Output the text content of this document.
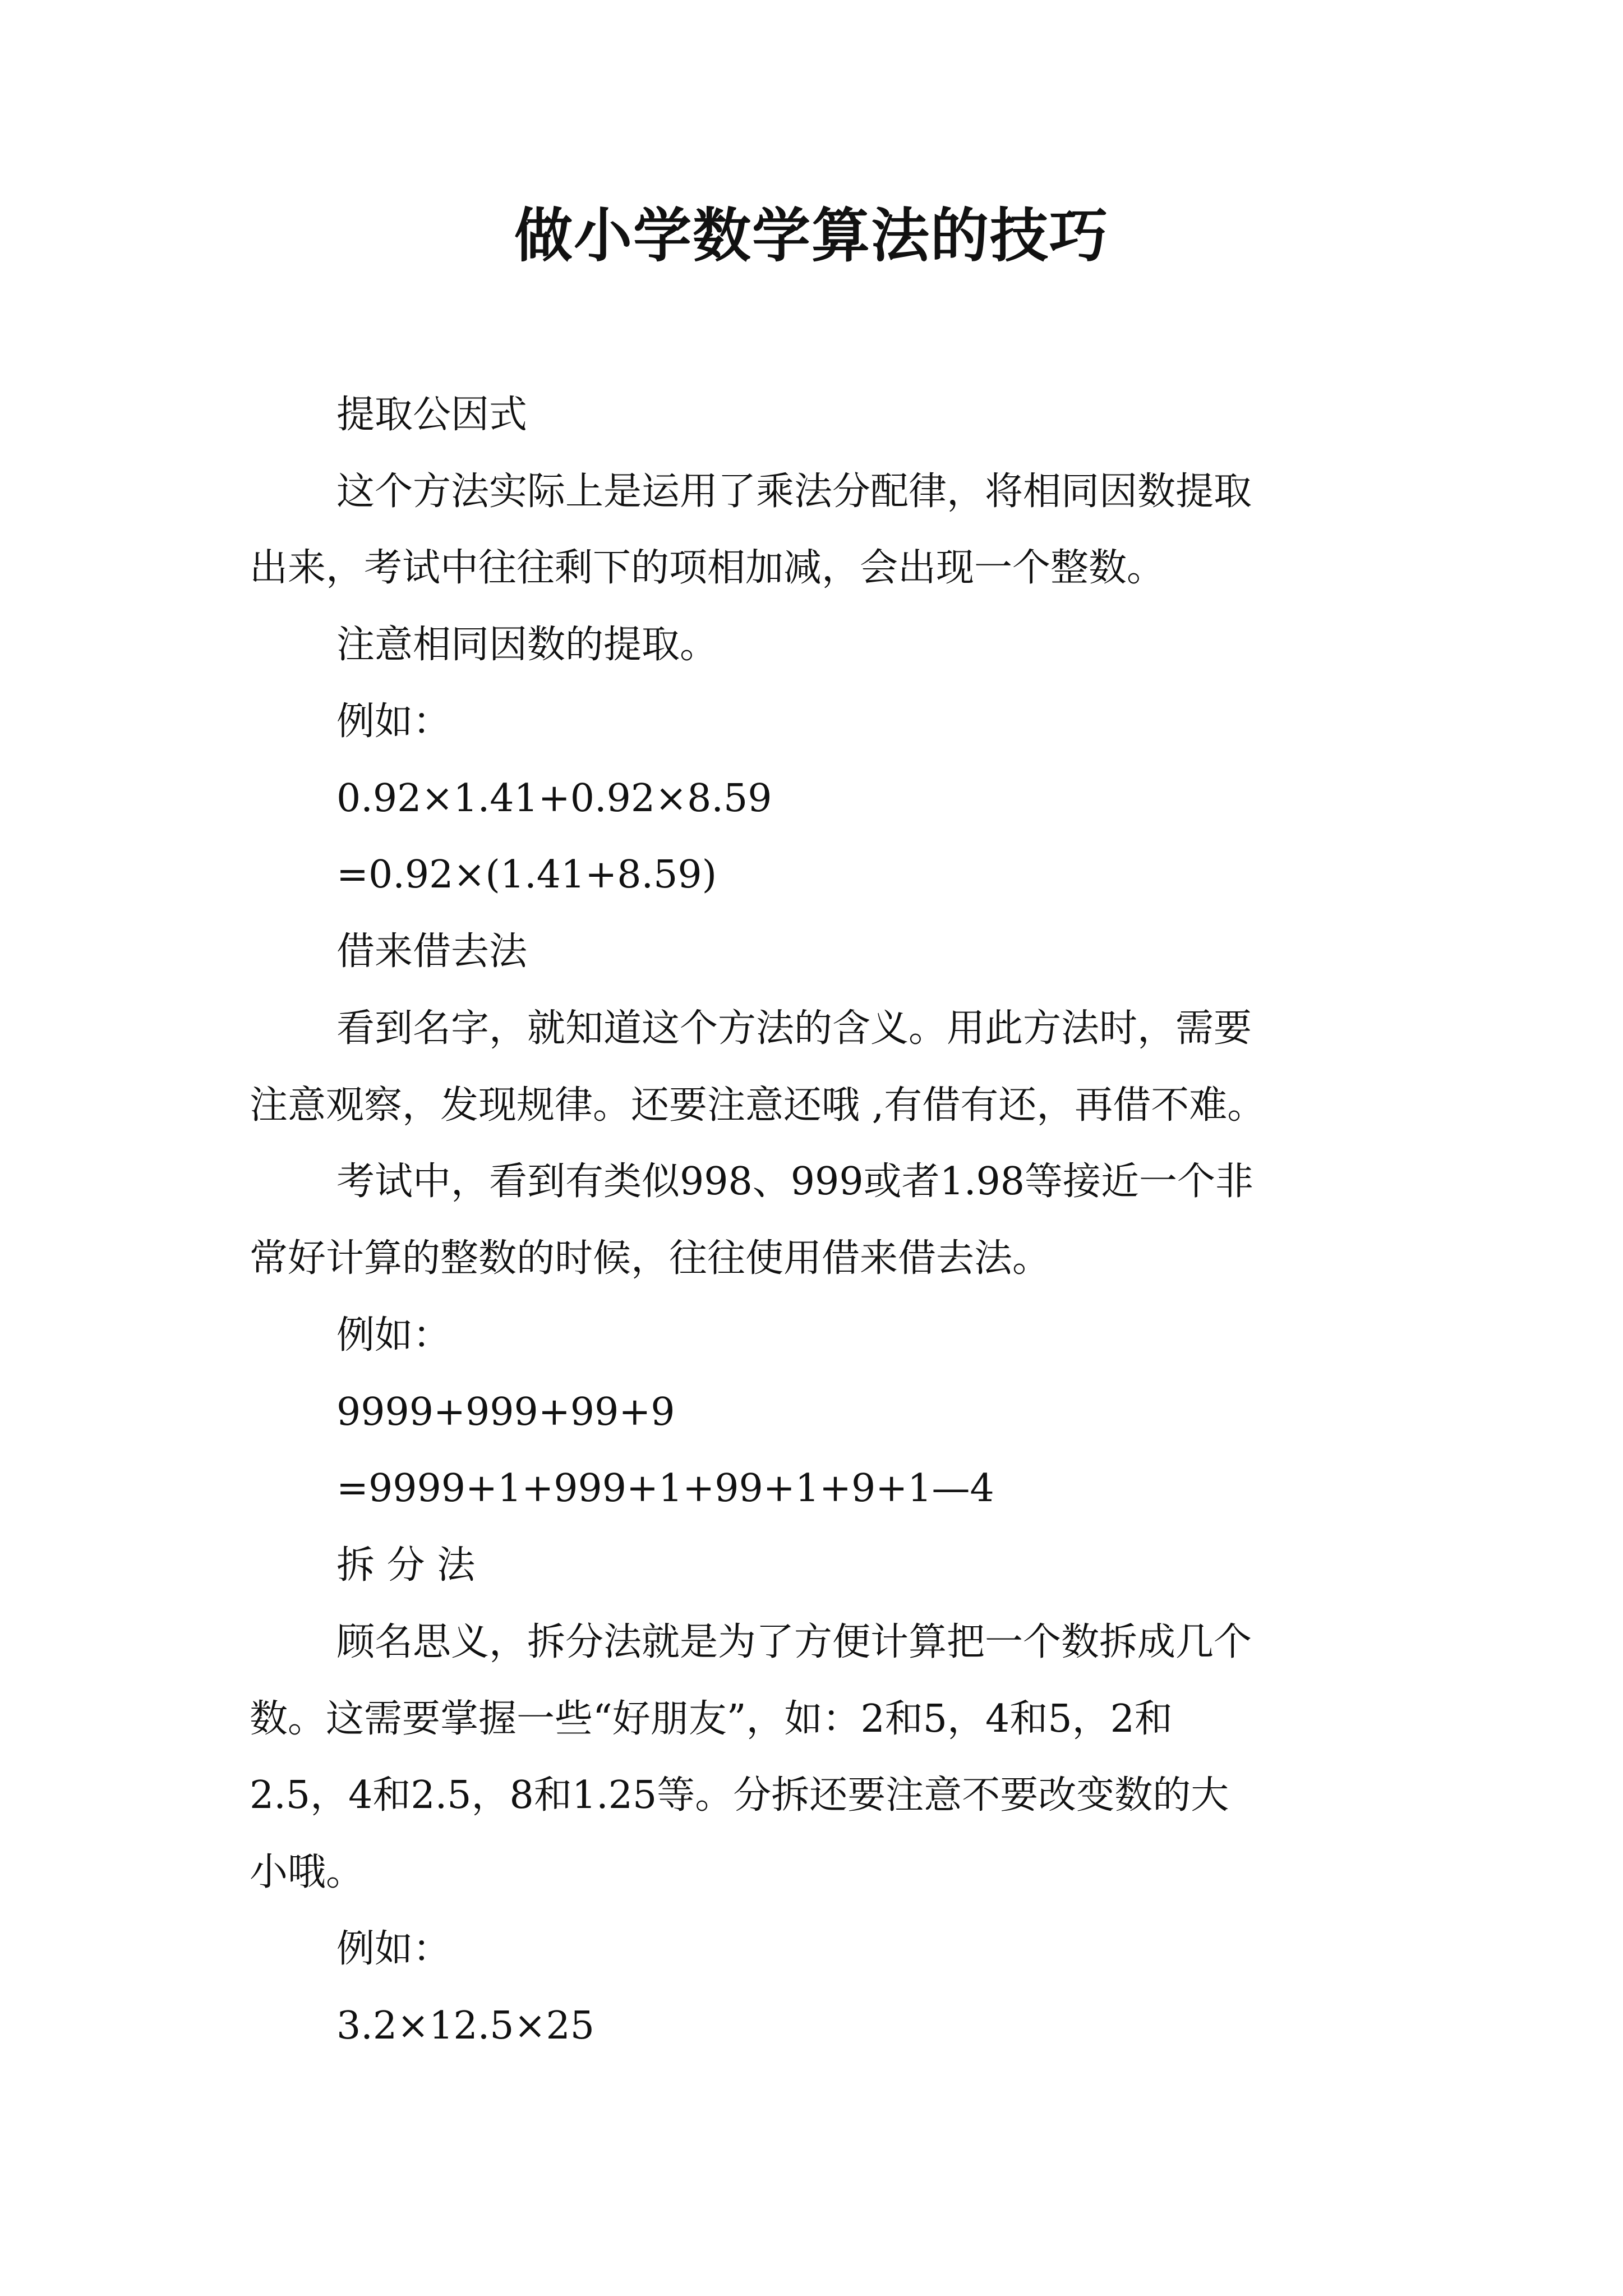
做小学数学算法的技巧
提取公因式
这个方法实际上是运用了乘法分配律，将相同因数提取
出来，考试中往往剩下的项相加减，会出现一个整数。
注意相同因数的提取。
例如：
0.92×1.41+0.92×8.59
=0.92×(1.41+8.59)
借来借去法
看到名字，就知道这个方法的含义。用此方法时，需要
注意观察，发现规律。还要注意还哦 ,有借有还，再借不难。
考试中，看到有类似998、999或者1.98等接近一个非
常好计算的整数的时候，往往使用借来借去法。
例如：
9999+999+99+9
=9999+1+999+1+99+1+9+1—4
拆 分 法
顾名思义，拆分法就是为了方便计算把一个数拆成几个
数。这需要掌握一些“好朋友”，如：2和5，4和5，2和
2.5，4和2.5，8和1.25等。分拆还要注意不要改变数的大
小哦。
例如：
3.2×12.5×25
